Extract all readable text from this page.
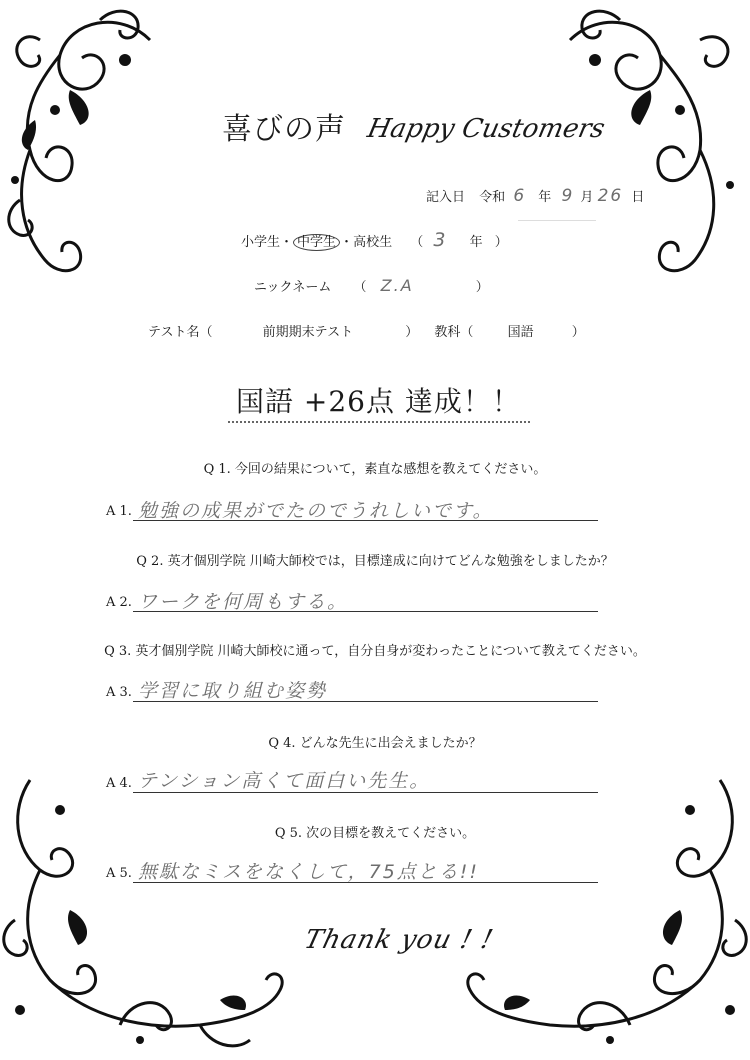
喜びの声 Happy Customers
記入日 令和 6 年 9 月 26 日
小学生・ 中学生 ・高校生 （ 3 年 ）
ニックネーム （ Z.A	）
テスト名（	前期期末テスト	） 教科（	国語	）
国語 +26点 達成！！
Q 1. 今回の結果について，素直な感想を教えてください。
A 1. 勉強の成果がでたのでうれしいです。
Q 2. 英才個別学院 川崎大師校では，目標達成に向けてどんな勉強をしましたか？
A 2. ワークを何周もする。
Q 3. 英才個別学院 川崎大師校に通って，自分自身が変わったことについて教えてください。
A 3. 学習に取り組む姿勢
Q 4. どんな先生に出会えましたか？
A 4. テンション高くて面白い先生。
Q 5. 次の目標を教えてください。
A 5. 無駄なミスをなくして，75点とる!!
Thank you ! !
